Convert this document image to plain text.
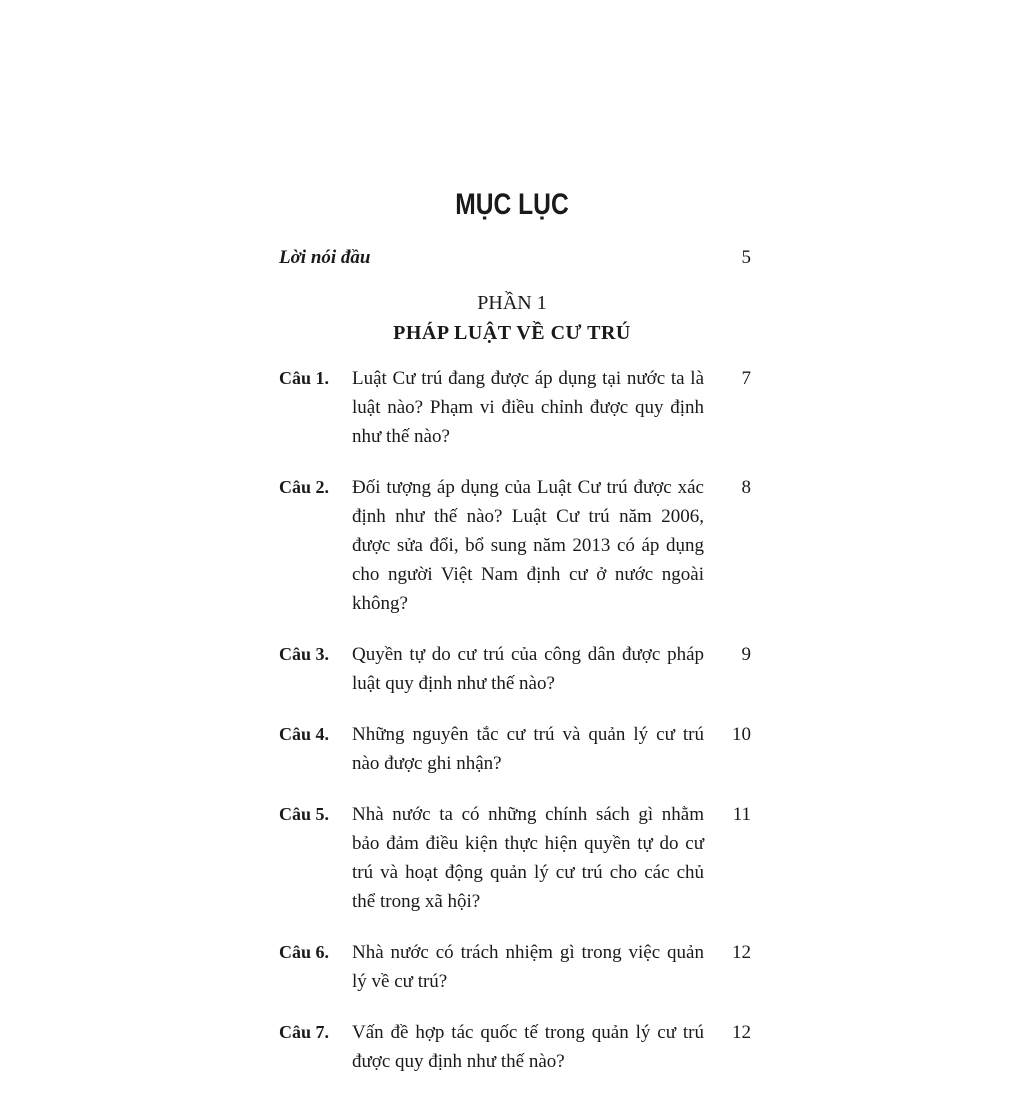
MỤC LỤC
Lời nói đầu	5
PHẦN 1
PHÁP LUẬT VỀ CƯ TRÚ
Câu 1. Luật Cư trú đang được áp dụng tại nước ta là luật nào? Phạm vi điều chỉnh được quy định như thế nào?
7
Câu 2. Đối tượng áp dụng của Luật Cư trú được xác định như thế nào? Luật Cư trú năm 2006, được sửa đổi, bổ sung năm 2013 có áp dụng cho người Việt Nam định cư ở nước ngoài không?
8
Câu 3. Quyền tự do cư trú của công dân được pháp luật quy định như thế nào?
9
Câu 4. Những nguyên tắc cư trú và quản lý cư trú nào được ghi nhận?
10
Câu 5. Nhà nước ta có những chính sách gì nhằm bảo đảm điều kiện thực hiện quyền tự do cư trú và hoạt động quản lý cư trú cho các chủ thể trong xã hội?
11
Câu 6. Nhà nước có trách nhiệm gì trong việc quản lý về cư trú?
12
Câu 7. Vấn đề hợp tác quốc tế trong quản lý cư trú được quy định như thế nào?
12
